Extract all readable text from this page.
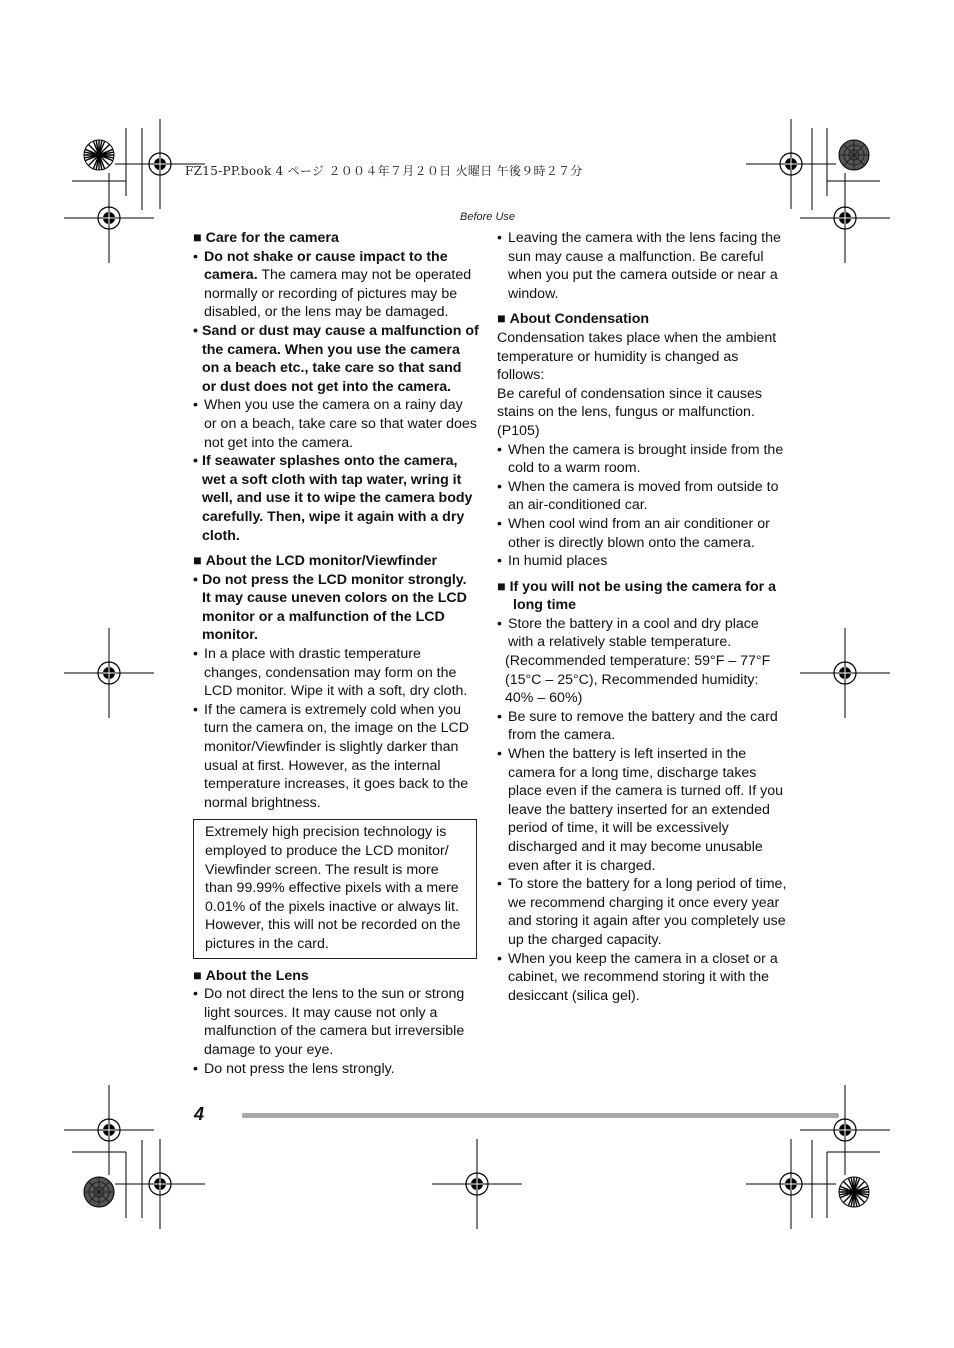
FZ15-PP.book 4 ページ ２００４年７月２０日 火曜日 午後９時２７分
Before Use

■ Care for the camera

• Do not shake or cause impact to the camera. The camera may not be operated normally or recording of pictures may be disabled, or the lens may be damaged.

• Sand or dust may cause a malfunction of the camera. When you use the camera on a beach etc., take care so that sand or dust does not get into the camera.

• When you use the camera on a rainy day or on a beach, take care so that water does not get into the camera.

• If seawater splashes onto the camera, wet a soft cloth with tap water, wring it well, and use it to wipe the camera body carefully. Then, wipe it again with a dry cloth.

■ About the LCD monitor/Viewfinder

• Do not press the LCD monitor strongly. It may cause uneven colors on the LCD monitor or a malfunction of the LCD monitor.

• In a place with drastic temperature changes, condensation may form on the LCD monitor. Wipe it with a soft, dry cloth.

• If the camera is extremely cold when you turn the camera on, the image on the LCD monitor/Viewfinder is slightly darker than usual at first. However, as the internal temperature increases, it goes back to the normal brightness.

Extremely high precision technology is employed to produce the LCD monitor/ Viewfinder screen. The result is more than 99.99% effective pixels with a mere 0.01% of the pixels inactive or always lit. However, this will not be recorded on the pictures in the card.

■ About the Lens

• Do not direct the lens to the sun or strong light sources. It may cause not only a malfunction of the camera but irreversible damage to your eye.

• Do not press the lens strongly.

• Leaving the camera with the lens facing the sun may cause a malfunction. Be careful when you put the camera outside or near a window.

■ About Condensation

Condensation takes place when the ambient temperature or humidity is changed as follows:

Be careful of condensation since it causes stains on the lens, fungus or malfunction. (P105)

• When the camera is brought inside from the cold to a warm room.

• When the camera is moved from outside to an air-conditioned car.

• When cool wind from an air conditioner or other is directly blown onto the camera.

• In humid places

■ If you will not be using the camera for a long time

• Store the battery in a cool and dry place with a relatively stable temperature.

(Recommended temperature: 59°F – 77°F (15°C – 25°C), Recommended humidity: 40% – 60%)

• Be sure to remove the battery and the card from the camera.

• When the battery is left inserted in the camera for a long time, discharge takes place even if the camera is turned off. If you leave the battery inserted for an extended period of time, it will be excessively discharged and it may become unusable even after it is charged.

• To store the battery for a long period of time, we recommend charging it once every year and storing it again after you completely use up the charged capacity.

• When you keep the camera in a closet or a cabinet, we recommend storing it with the desiccant (silica gel).

4
